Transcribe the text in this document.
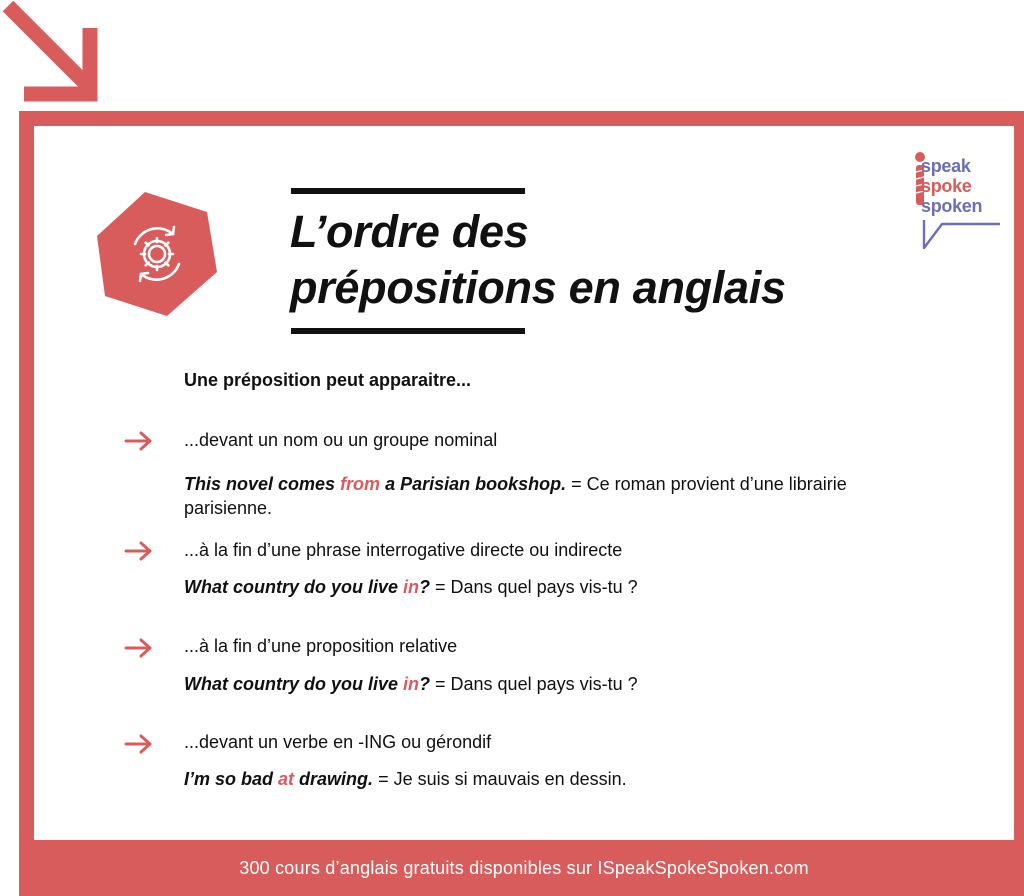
L’ordre des
prépositions en anglais
speak
spoke
spoken
Une préposition peut apparaitre...
...devant un nom ou un groupe nominal
This novel comes from a Parisian bookshop. = Ce roman provient d’une librairie parisienne.
...à la fin d’une phrase interrogative directe ou indirecte
What country do you live in? = Dans quel pays vis-tu ?
...à la fin d’une proposition relative
What country do you live in? = Dans quel pays vis-tu ?
...devant un verbe en -ING ou gérondif
I’m so bad at drawing. = Je suis si mauvais en dessin.
300 cours d’anglais gratuits disponibles sur ISpeakSpokeSpoken.com
